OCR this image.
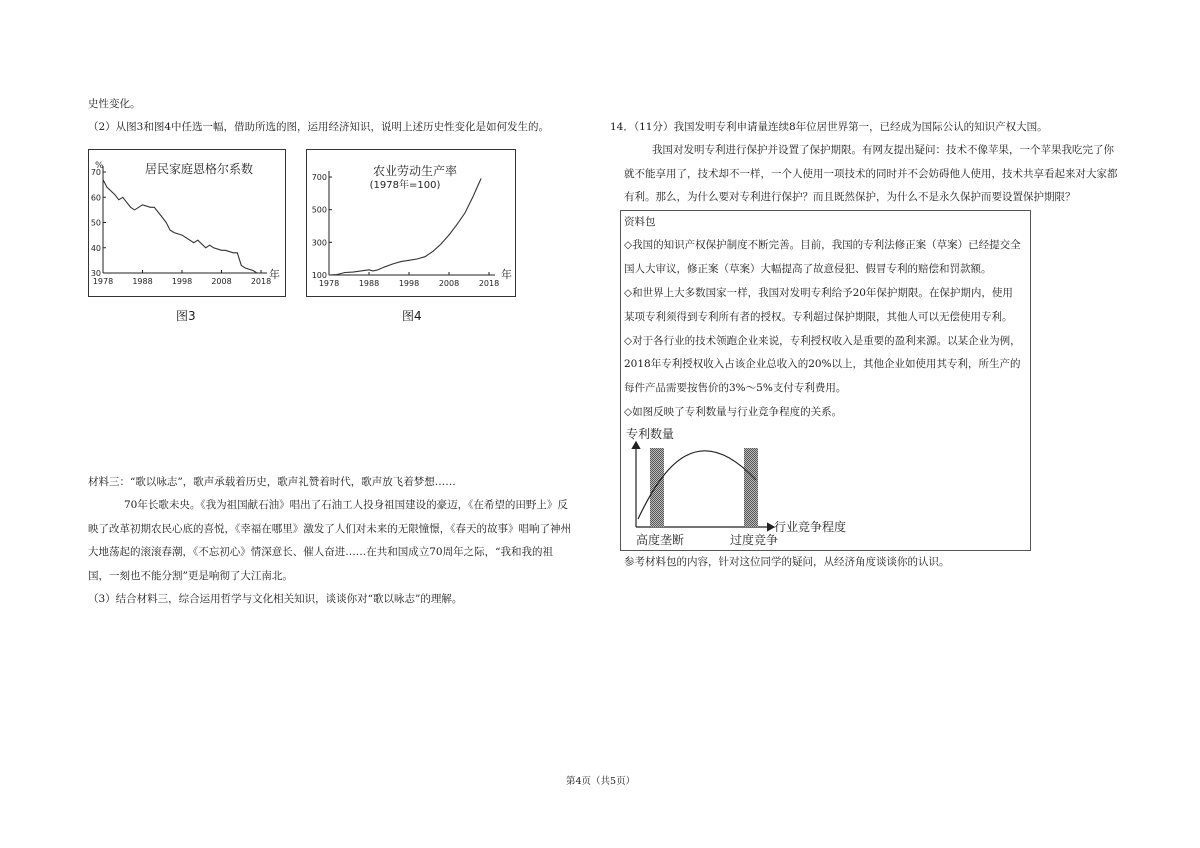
史性变化。
（2）从图3和图4中任选一幅，借助所选的图，运用经济知识，说明上述历史性变化是如何发生的。
70
60
50
40
30
1978 1988 1998 2008 2018
%	居民家庭恩格尔系数
年
图3
700
500
300
100
1978 1988 1998 2008 2018
农业劳动生产率
(1978年=100)
年
图4
材料三：“歌以咏志”，歌声承载着历史，歌声礼赞着时代，歌声放飞着梦想……
70年长歌未央。《我为祖国献石油》唱出了石油工人投身祖国建设的豪迈，《在希望的田野上》反
映了改革初期农民心底的喜悦，《幸福在哪里》激发了人们对未来的无限憧憬，《春天的故事》唱响了神州
大地荡起的滚滚春潮，《不忘初心》情深意长、催人奋进……在共和国成立70周年之际，“我和我的祖
国，一刻也不能分割”更是响彻了大江南北。
（3）结合材料三，综合运用哲学与文化相关知识，谈谈你对“歌以咏志”的理解。
14．（11分）我国发明专利申请量连续8年位居世界第一，已经成为国际公认的知识产权大国。
我国对发明专利进行保护并设置了保护期限。有网友提出疑问：技术不像苹果，一个苹果我吃完了你
就不能享用了，技术却不一样，一个人使用一项技术的同时并不会妨碍他人使用，技术共享看起来对大家都
有利。那么，为什么要对专利进行保护？而且既然保护，为什么不是永久保护而要设置保护期限？
资料包
◇我国的知识产权保护制度不断完善。目前，我国的专利法修正案（草案）已经提交全
国人大审议，修正案（草案）大幅提高了故意侵犯、假冒专利的赔偿和罚款额。
◇和世界上大多数国家一样，我国对发明专利给予20年保护期限。在保护期内，使用
某项专利须得到专利所有者的授权。专利超过保护期限，其他人可以无偿使用专利。
◇对于各行业的技术领跑企业来说，专利授权收入是重要的盈利来源。以某企业为例，
2018年专利授权收入占该企业总收入的20%以上，其他企业如使用其专利，所生产的
每件产品需要按售价的3%～5%支付专利费用。
◇如图反映了专利数量与行业竞争程度的关系。
专利数量
行业竞争程度
高度垄断	过度竞争
参考材料包的内容，针对这位同学的疑问，从经济角度谈谈你的认识。
第4页（共5页）
